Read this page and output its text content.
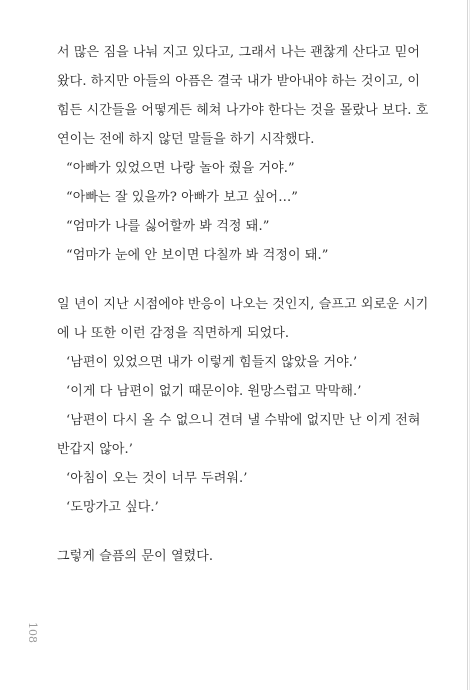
서 많은 짐을 나눠 지고 있다고, 그래서 나는 괜찮게 산다고 믿어
왔다. 하지만 아들의 아픔은 결국 내가 받아내야 하는 것이고, 이
힘든 시간들을 어떻게든 헤쳐 나가야 한다는 것을 몰랐나 보다. 호
연이는 전에 하지 않던 말들을 하기 시작했다.
“아빠가 있었으면 나랑 놀아 줬을 거야.”
“아빠는 잘 있을까? 아빠가 보고 싶어…”
“엄마가 나를 싫어할까 봐 걱정 돼.”
“엄마가 눈에 안 보이면 다칠까 봐 걱정이 돼.”
일 년이 지난 시점에야 반응이 나오는 것인지, 슬프고 외로운 시기
에 나 또한 이런 감정을 직면하게 되었다.
‘남편이 있었으면 내가 이렇게 힘들지 않았을 거야.’
‘이게 다 남편이 없기 때문이야. 원망스럽고 막막해.’
‘남편이 다시 올 수 없으니 견뎌 낼 수밖에 없지만 난 이게 전혀
반갑지 않아.’
‘아침이 오는 것이 너무 두려워.’
‘도망가고 싶다.’
그렇게 슬픔의 문이 열렸다.
108
